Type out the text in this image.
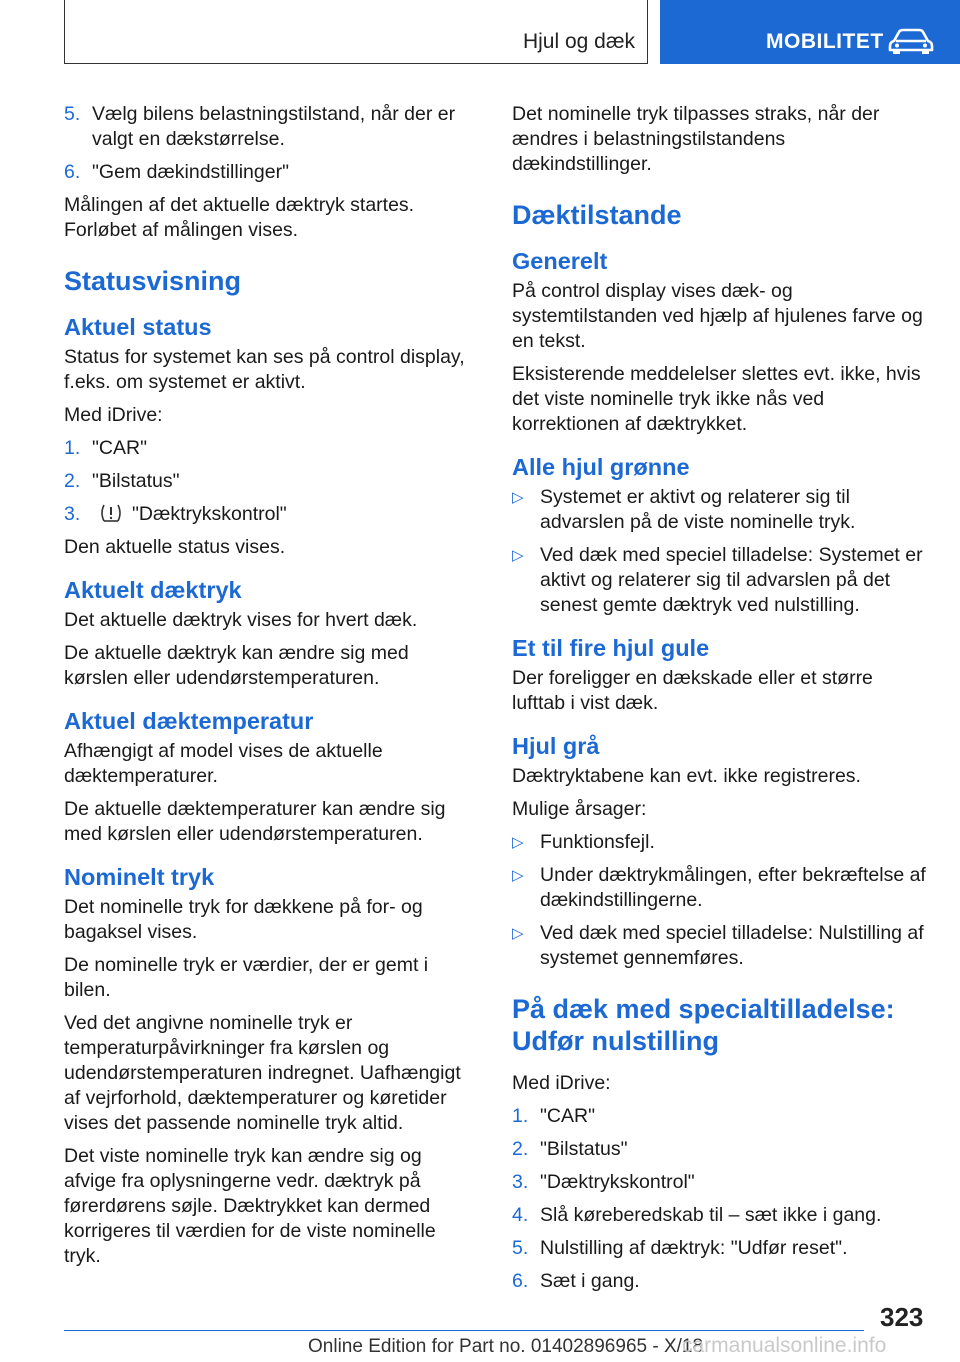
Hjul og dæk	MOBILITET
5. Vælg bilens belastningstilstand, når der er valgt en dækstørrelse.
6. "Gem dækindstillinger"

Målingen af det aktuelle dæktryk startes. Forløbet af målingen vises.

Statusvisning
Aktuel status

Status for systemet kan ses på control display, f.eks. om systemet er aktivt.

Med iDrive:

1. "CAR"
2. "Bilstatus"
3.	"Dæktrykskontrol"

Den aktuelle status vises.

Aktuelt dæktryk

Det aktuelle dæktryk vises for hvert dæk.

De aktuelle dæktryk kan ændre sig med kørslen eller udendørstemperaturen.

Aktuel dæktemperatur

Afhængigt af model vises de aktuelle dæktemperaturer.

De aktuelle dæktemperaturer kan ændre sig med kørslen eller udendørstemperaturen.

Nominelt tryk

Det nominelle tryk for dækkene på for- og bagaksel vises.

De nominelle tryk er værdier, der er gemt i bilen.

Ved det angivne nominelle tryk er temperaturpåvirkninger fra kørslen og udendørstemperaturen indregnet. Uafhængigt af vejrforhold, dæktemperaturer og køretider vises det passende nominelle tryk altid.

Det viste nominelle tryk kan ændre sig og afvige fra oplysningerne vedr. dæktryk på førerdørens søjle. Dæktrykket kan dermed korrigeres til værdien for de viste nominelle tryk.

Det nominelle tryk tilpasses straks, når der ændres i belastningstilstandens dækindstillinger.

Dæktilstande
Generelt

På control display vises dæk- og systemtilstanden ved hjælp af hjulenes farve og en tekst.

Eksisterende meddelelser slettes evt. ikke, hvis det viste nominelle tryk ikke nås ved korrektionen af dæktrykket.

Alle hjul grønne
▷ Systemet er aktivt og relaterer sig til advarslen på de viste nominelle tryk.
▷ Ved dæk med speciel tilladelse: Systemet er aktivt og relaterer sig til advarslen på det senest gemte dæktryk ved nulstilling.
Et til fire hjul gule

Der foreligger en dækskade eller et større lufttab i vist dæk.

Hjul grå

Dæktryktabene kan evt. ikke registreres.

Mulige årsager:

▷ Funktionsfejl.
▷ Under dæktrykmålingen, efter bekræftelse af dækindstillingerne.
▷ Ved dæk med speciel tilladelse: Nulstilling af systemet gennemføres.
På dæk med specialtilladelse: Udfør nulstilling

Med iDrive:

1. "CAR"
2. "Bilstatus"
3. "Dæktrykskontrol"
4. Slå køreberedskab til – sæt ikke i gang.
5. Nulstilling af dæktryk: "Udfør reset".
6. Sæt i gang.
323
Online Edition for Part no. 01402896965 - X/18
carmanualsonline.info
